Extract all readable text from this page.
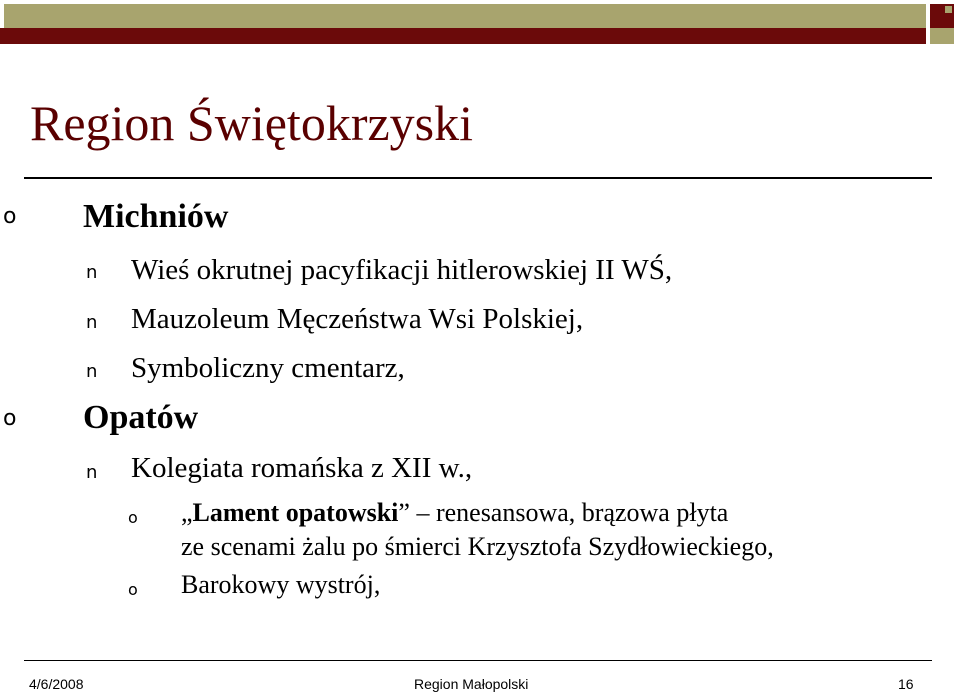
Region Świętokrzyski
o Michniów
n Wieś okrutnej pacyfikacji hitlerowskiej II WŚ,
n Mauzoleum Męczeństwa Wsi Polskiej,
n Symboliczny cmentarz,
o Opatów
n Kolegiata romańska z XII w.,
o „Lament opatowski” – renesansowa, brązowa płyta
ze scenami żalu po śmierci Krzysztofa Szydłowieckiego,
o Barokowy wystrój,
4/6/2008	Region Małopolski	16
